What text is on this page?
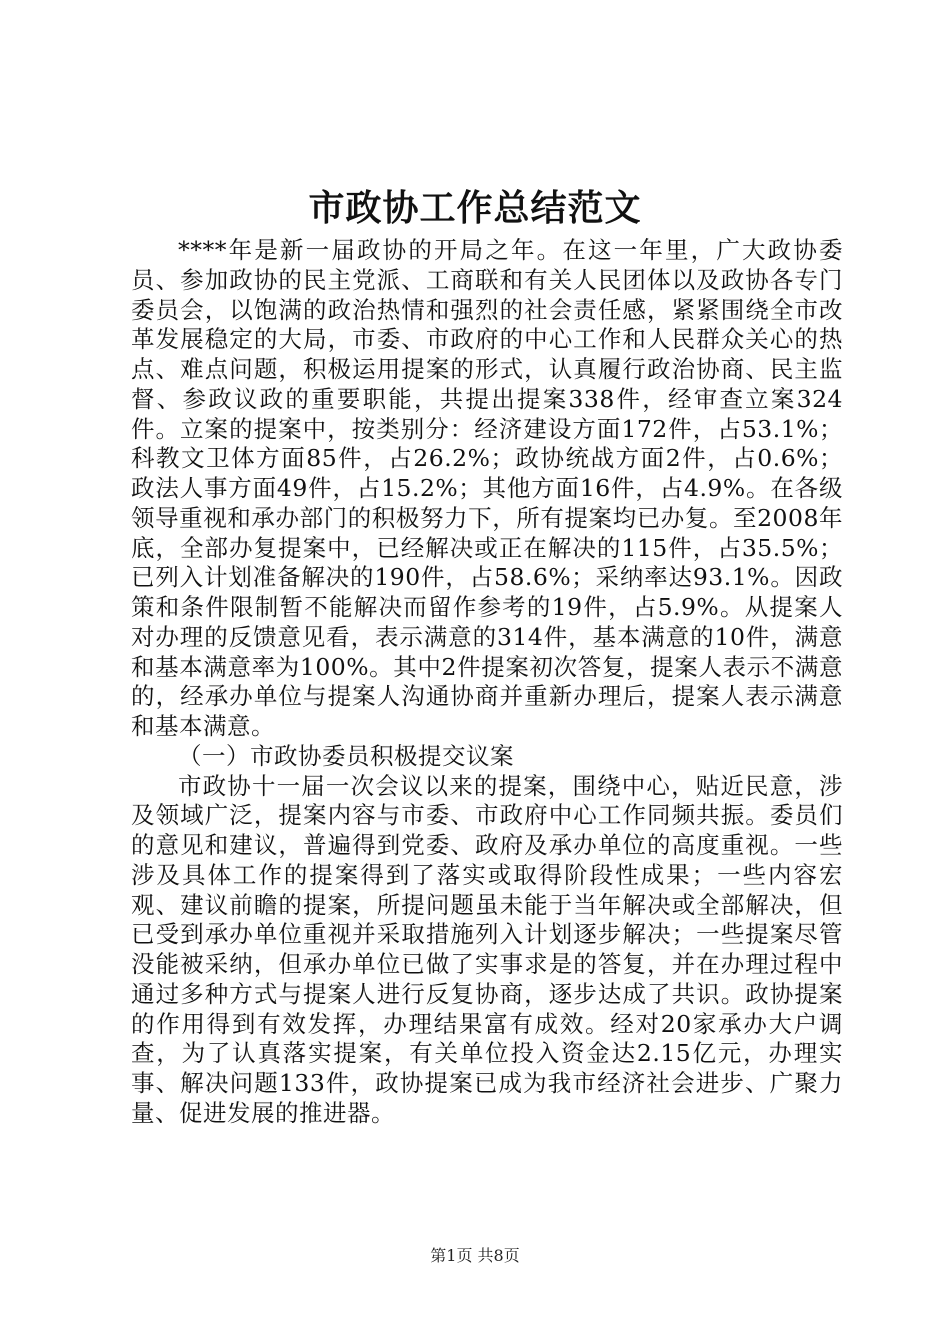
市政协工作总结范文

****年是新一届政协的开局之年。在这一年里，广大政协委员、参加政协的民主党派、工商联和有关人民团体以及政协各专门委员会，以饱满的政治热情和强烈的社会责任感，紧紧围绕全市改革发展稳定的大局，市委、市政府的中心工作和人民群众关心的热点、难点问题，积极运用提案的形式，认真履行政治协商、民主监督、参政议政的重要职能，共提出提案338件，经审查立案324件。立案的提案中，按类别分：经济建设方面172件，占53.1%；科教文卫体方面85件，占26.2%；政协统战方面2件，占0.6%；政法人事方面49件，占15.2%；其他方面16件，占4.9%。在各级领导重视和承办部门的积极努力下，所有提案均已办复。至2008年底，全部办复提案中，已经解决或正在解决的115件，占35.5%；已列入计划准备解决的190件，占58.6%；采纳率达93.1%。因政策和条件限制暂不能解决而留作参考的19件，占5.9%。从提案人对办理的反馈意见看，表示满意的314件，基本满意的10件，满意和基本满意率为100%。其中2件提案初次答复，提案人表示不满意的，经承办单位与提案人沟通协商并重新办理后，提案人表示满意和基本满意。

（一）市政协委员积极提交议案

市政协十一届一次会议以来的提案，围绕中心，贴近民意，涉及领域广泛，提案内容与市委、市政府中心工作同频共振。委员们的意见和建议，普遍得到党委、政府及承办单位的高度重视。一些涉及具体工作的提案得到了落实或取得阶段性成果；一些内容宏观、建议前瞻的提案，所提问题虽未能于当年解决或全部解决，但已受到承办单位重视并采取措施列入计划逐步解决；一些提案尽管没能被采纳，但承办单位已做了实事求是的答复，并在办理过程中通过多种方式与提案人进行反复协商，逐步达成了共识。政协提案的作用得到有效发挥，办理结果富有成效。经对20家承办大户调查，为了认真落实提案，有关单位投入资金达2.15亿元，办理实事、解决问题133件，政协提案已成为我市经济社会进步、广聚力量、促进发展的推进器。

第1页 共8页
